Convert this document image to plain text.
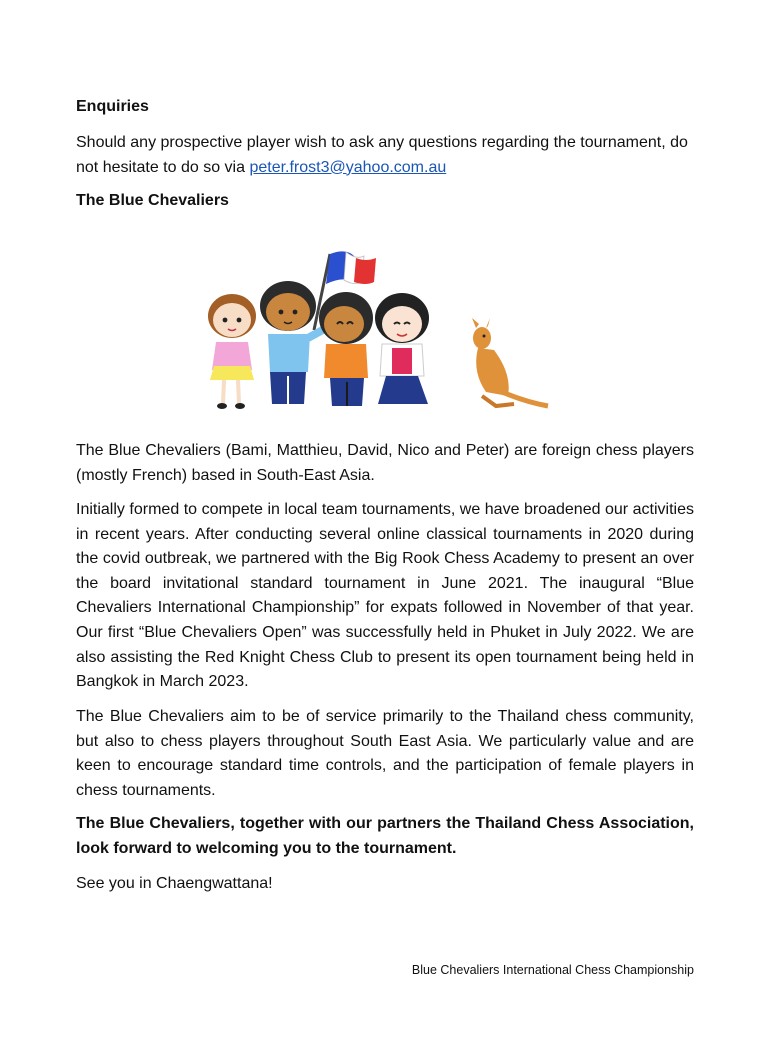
Enquiries

Should any prospective player wish to ask any questions regarding the tournament, do not hesitate to do so via peter.frost3@yahoo.com.au

The Blue Chevaliers

The Blue Chevaliers (Bami, Matthieu, David, Nico and Peter) are foreign chess players (mostly French) based in South-East Asia.

Initially formed to compete in local team tournaments, we have broadened our activities in recent years. After conducting several online classical tournaments in 2020 during the covid outbreak, we partnered with the Big Rook Chess Academy to present an over the board invitational standard tournament in June 2021. The inaugural “Blue Chevaliers International Championship” for expats followed in November of that year. Our first “Blue Chevaliers Open” was successfully held in Phuket in July 2022. We are also assisting the Red Knight Chess Club to present its open tournament being held in Bangkok in March 2023.

The Blue Chevaliers aim to be of service primarily to the Thailand chess community, but also to chess players throughout South East Asia. We particularly value and are keen to encourage standard time controls, and the participation of female players in chess tournaments.

The Blue Chevaliers, together with our partners the Thailand Chess Association, look forward to welcoming you to the tournament.

See you in Chaengwattana!

Blue Chevaliers International Chess Championship
